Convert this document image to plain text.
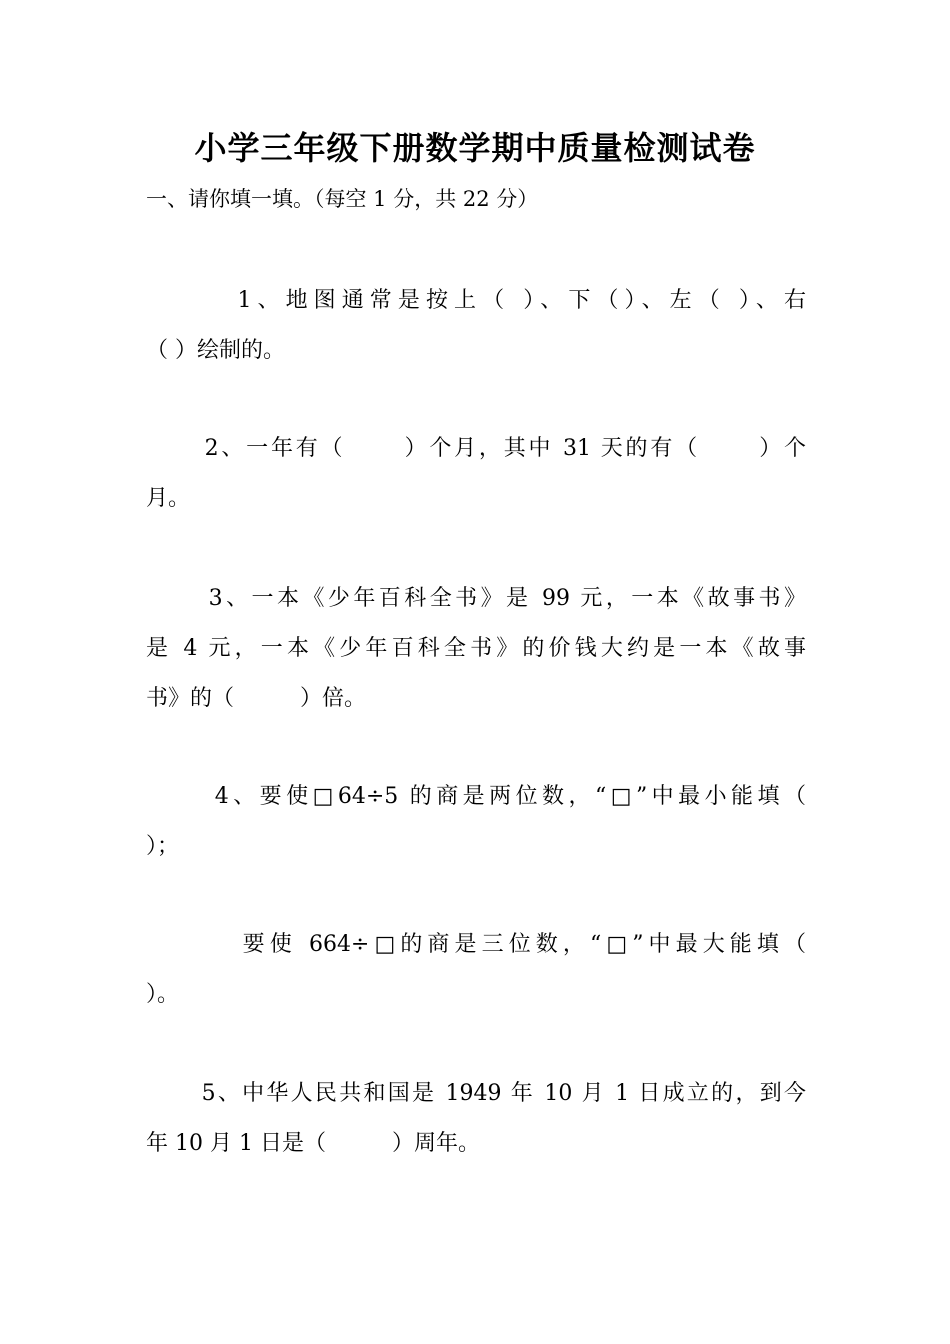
小学三年级下册数学期中质量检测试卷
一、请你填一填。（每空 1 分，共 22 分）

1、地图通常是按上（ ）、下（）、左（ ）、右

（ ）绘制的。

2、一年有（　　 ）个月，其中 31 天的有（　　 ）个

月。

3、一本《少年百科全书》是 99 元，一本《故事书》

是 4 元，一本《少年百科全书》的价钱大约是一本《故事

书》的（　　　）倍。

4、要使□64÷5 的商是两位数，“□”中最小能填（

）；

要使 664÷□的商是三位数，“□”中最大能填（

）。

5、中华人民共和国是 1949 年 10 月 1 日成立的，到今

年 10 月 1 日是（　　　）周年。
